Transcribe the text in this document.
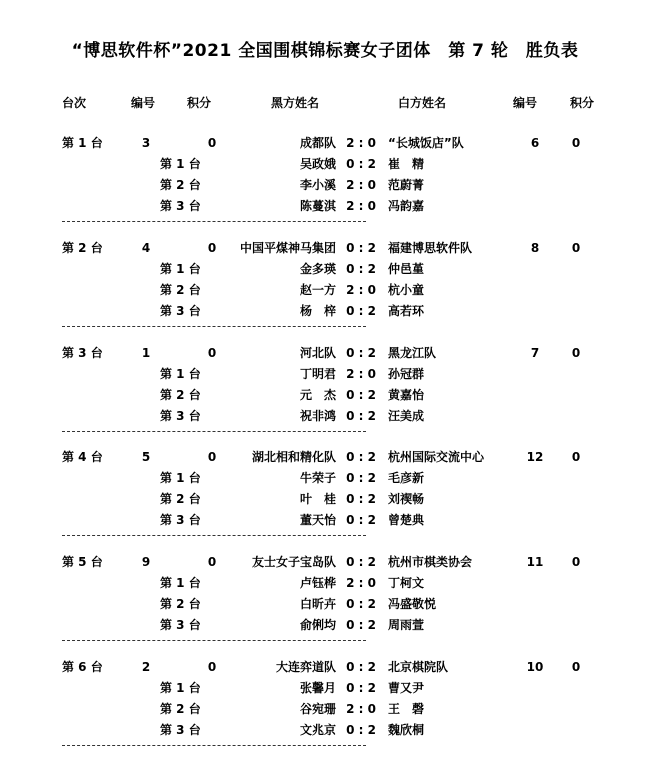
“博思软件杯”2021 全国围棋锦标赛女子团体　第 7 轮　胜负表
台次	编号	积分	黑方姓名	白方姓名	编号	积分
第 1 台	3	0	成都队 2 : 0	“长城饭店”队	6	0
第 1 台	吴政娥 0 : 2	崔　精
第 2 台	李小溪 2 : 0	范蔚菁
第 3 台	陈蔓淇 2 : 0	冯韵嘉
第 2 台	4	0	中国平煤神马集团 0 : 2	福建博思软件队	8	0
第 1 台	金多瑛 0 : 2	仲邑堇
第 2 台	赵一方 2 : 0	杭小童
第 3 台	杨　梓 0 : 2	高若环
第 3 台	1	0	河北队 0 : 2	黑龙江队	7	0
第 1 台	丁明君 2 : 0	孙冠群
第 2 台	元　杰 0 : 2	黄嘉怡
第 3 台	祝非鸿 0 : 2	汪美成
第 4 台	5	0	湖北相和精化队 0 : 2	杭州国际交流中心	12	0
第 1 台	牛荣子 0 : 2	毛彦新
第 2 台	叶　桂 0 : 2	刘禊畅
第 3 台	董天怡 0 : 2	曾楚典
第 5 台	9	0	友士女子宝岛队 0 : 2	杭州市棋类协会	11	0
第 1 台	卢钰桦 2 : 0	丁柯文
第 2 台	白昕卉 0 : 2	冯盛敬悦
第 3 台	俞俐均 0 : 2	周雨萱
第 6 台	2	0	大连弈道队 0 : 2	北京棋院队	10	0
第 1 台	张馨月 0 : 2	曹又尹
第 2 台	谷宛珊 2 : 0	王　磬
第 3 台	文兆京 0 : 2	魏欣桐
